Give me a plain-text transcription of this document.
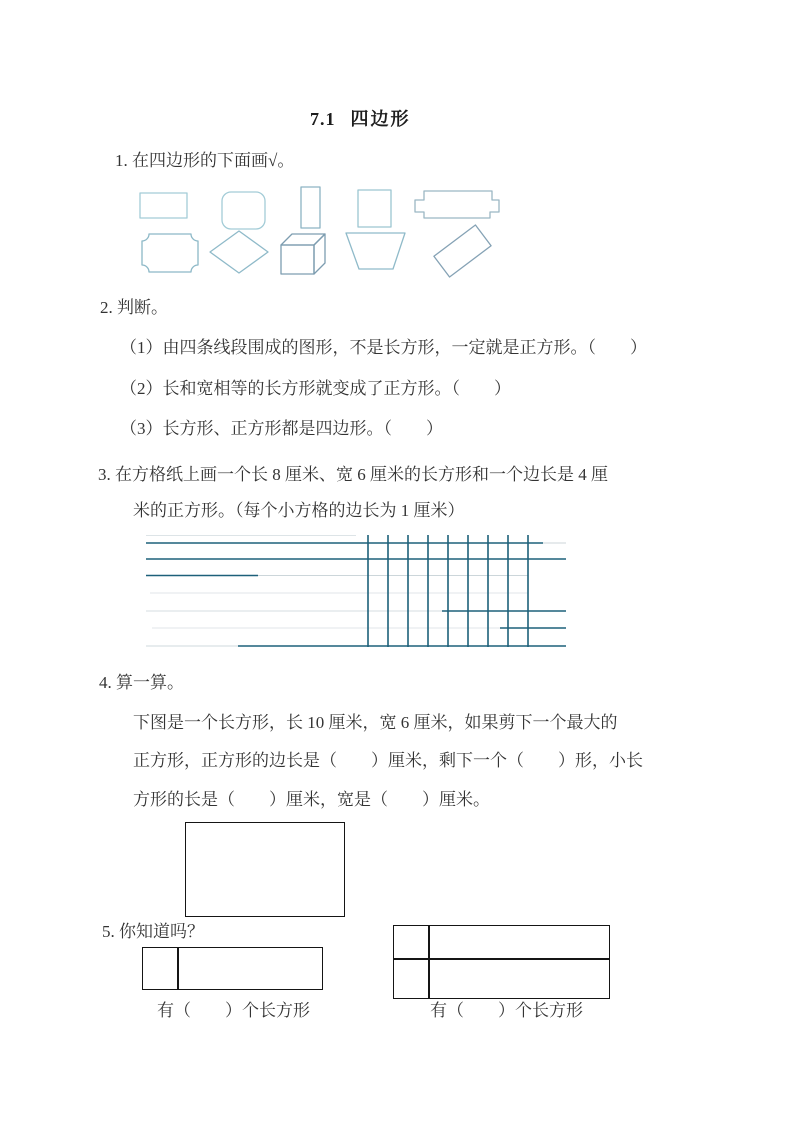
7.1 四边形
1. 在四边形的下面画√。
2. 判断。
（1）由四条线段围成的图形，不是长方形，一定就是正方形。（　　）
（2）长和宽相等的长方形就变成了正方形。（　　）
（3）长方形、正方形都是四边形。（　　）
3. 在方格纸上画一个长 8 厘米、宽 6 厘米的长方形和一个边长是 4 厘
米的正方形。（每个小方格的边长为 1 厘米）
4. 算一算。
下图是一个长方形，长 10 厘米，宽 6 厘米，如果剪下一个最大的
正方形，正方形的边长是（　　）厘米，剩下一个（　　）形，小长
方形的长是（　　）厘米，宽是（　　）厘米。
5. 你知道吗？
有（　　）个长方形	有（　　）个长方形
